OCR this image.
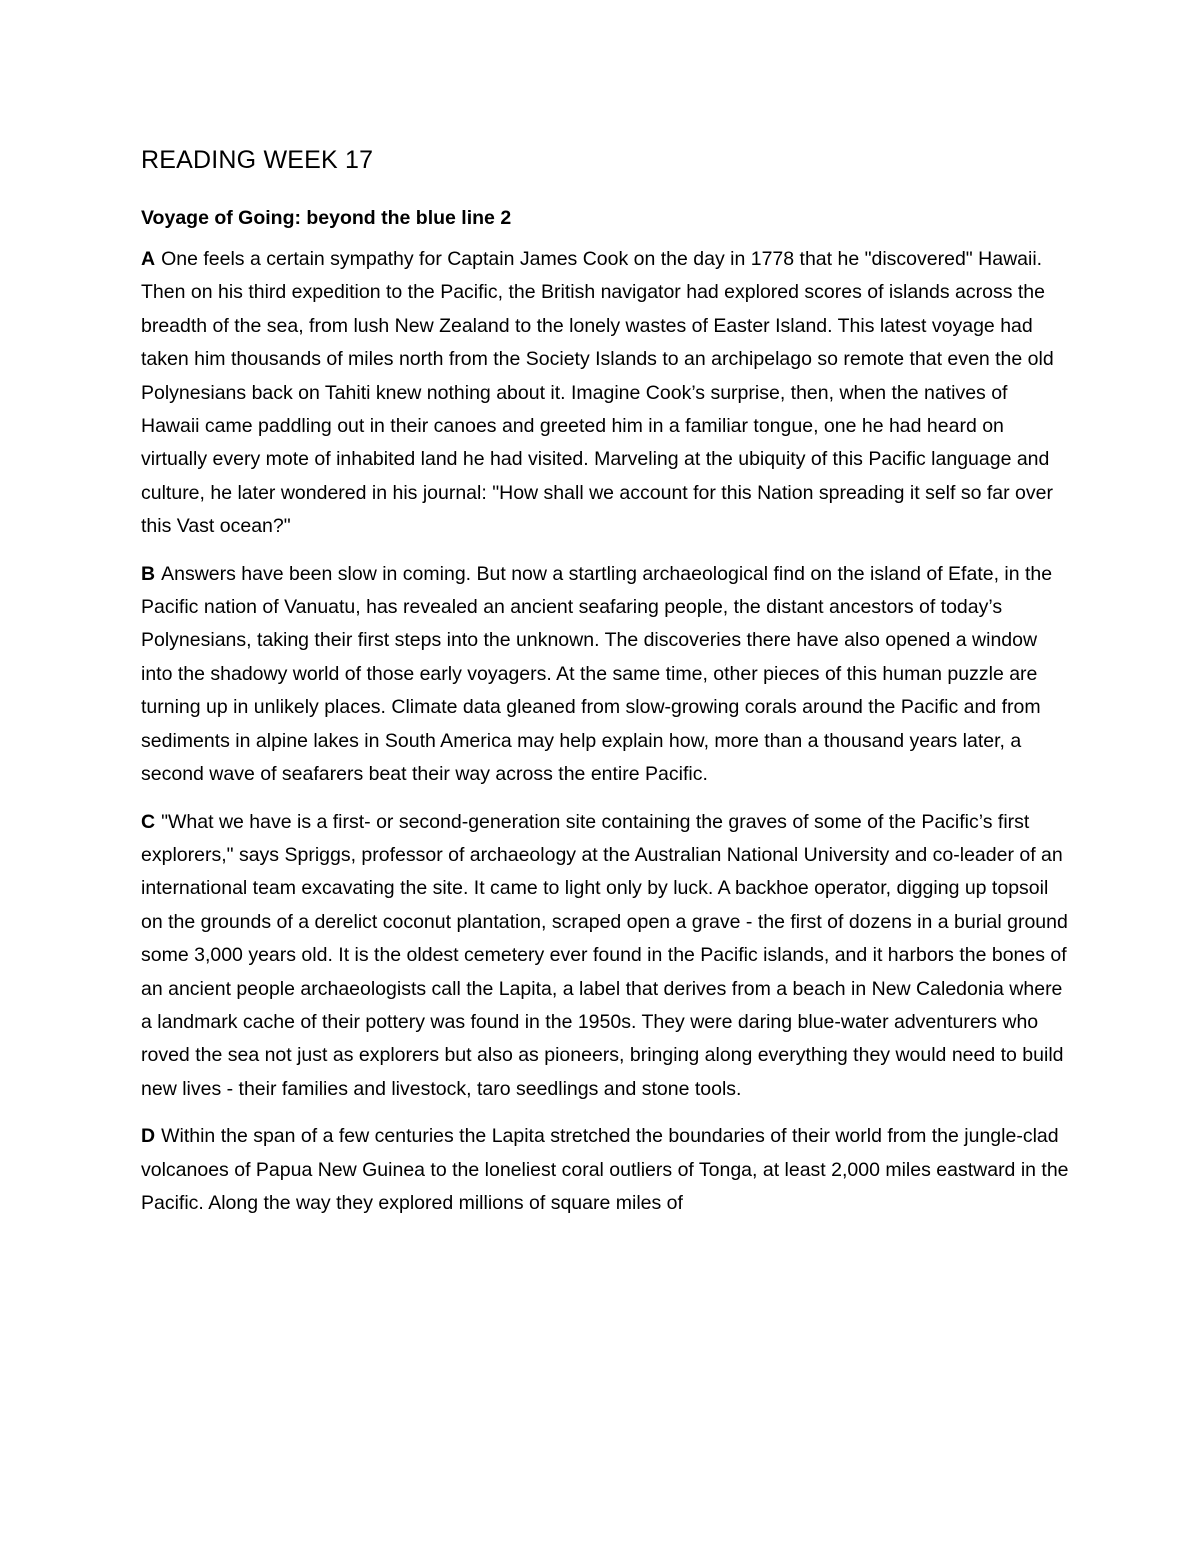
READING WEEK 17

Voyage of Going: beyond the blue line 2

A One feels a certain sympathy for Captain James Cook on the day in 1778 that he "discovered" Hawaii. Then on his third expedition to the Pacific, the British navigator had explored scores of islands across the breadth of the sea, from lush New Zealand to the lonely wastes of Easter Island. This latest voyage had taken him thousands of miles north from the Society Islands to an archipelago so remote that even the old Polynesians back on Tahiti knew nothing about it. Imagine Cook’s surprise, then, when the natives of Hawaii came paddling out in their canoes and greeted him in a familiar tongue, one he had heard on virtually every mote of inhabited land he had visited. Marveling at the ubiquity of this Pacific language and culture, he later wondered in his journal: "How shall we account for this Nation spreading it self so far over this Vast ocean?"

B Answers have been slow in coming. But now a startling archaeological find on the island of Efate, in the Pacific nation of Vanuatu, has revealed an ancient seafaring people, the distant ancestors of today’s Polynesians, taking their first steps into the unknown. The discoveries there have also opened a window into the shadowy world of those early voyagers. At the same time, other pieces of this human puzzle are turning up in unlikely places. Climate data gleaned from slow-growing corals around the Pacific and from sediments in alpine lakes in South America may help explain how, more than a thousand years later, a second wave of seafarers beat their way across the entire Pacific.

C "What we have is a first- or second-generation site containing the graves of some of the Pacific’s first explorers," says Spriggs, professor of archaeology at the Australian National University and co-leader of an international team excavating the site. It came to light only by luck. A backhoe operator, digging up topsoil on the grounds of a derelict coconut plantation, scraped open a grave - the first of dozens in a burial ground some 3,000 years old. It is the oldest cemetery ever found in the Pacific islands, and it harbors the bones of an ancient people archaeologists call the Lapita, a label that derives from a beach in New Caledonia where a landmark cache of their pottery was found in the 1950s. They were daring blue-water adventurers who roved the sea not just as explorers but also as pioneers, bringing along everything they would need to build new lives - their families and livestock, taro seedlings and stone tools.

D Within the span of a few centuries the Lapita stretched the boundaries of their world from the jungle-clad volcanoes of Papua New Guinea to the loneliest coral outliers of Tonga, at least 2,000 miles eastward in the Pacific. Along the way they explored millions of square miles of
